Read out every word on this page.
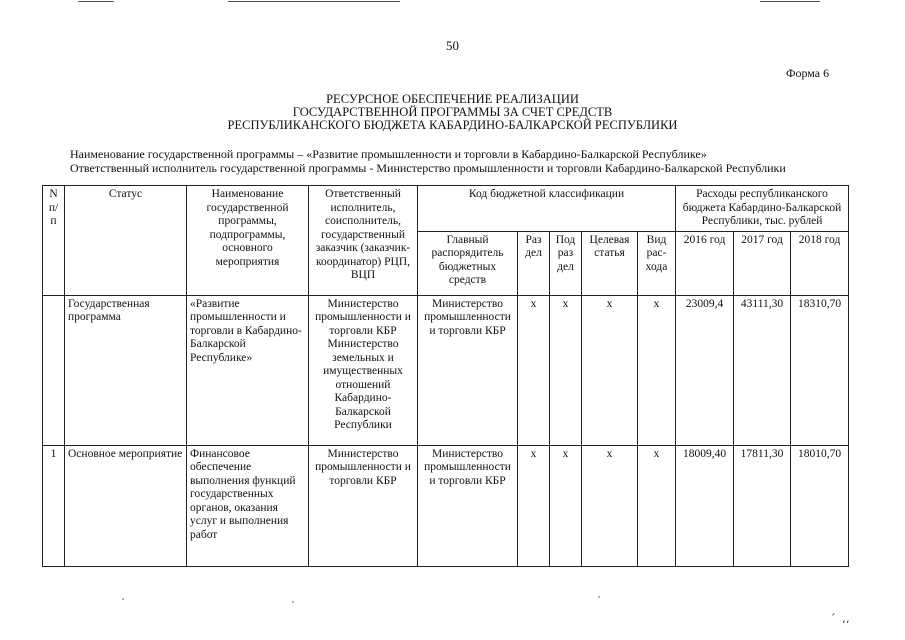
50
Форма 6
РЕСУРСНОЕ ОБЕСПЕЧЕНИЕ РЕАЛИЗАЦИИ
ГОСУДАРСТВЕННОЙ ПРОГРАММЫ ЗА СЧЕТ СРЕДСТВ
РЕСПУБЛИКАНСКОГО БЮДЖЕТА КАБАРДИНО-БАЛКАРСКОЙ РЕСПУБЛИКИ
Наименование государственной программы – «Развитие промышленности и торговли в Кабардино-Балкарской Республике»
Ответственный исполнитель государственной программы - Министерство промышленности и торговли Кабардино-Балкарской Республики
N п/п	Статус	Наименование государственной программы, подпрограммы, основного мероприятия	Ответственный исполнитель, соисполнитель, государственный заказчик (заказчик-координатор) РЦП, ВЦП	Код бюджетной классификации					Расходы республиканского бюджета Кабардино-Балкарской Республики, тыс. рублей		
				Главный распорядитель бюджетных средств	Раз дел	Под раз дел	Целевая статья	Вид рас- хода	2016 год	2017 год	2018 год
	Государственная программа	«Развитие промышленности и торговли в Кабардино-Балкарской Республике»	Министерство промышленности и торговли КБР Министерство земельных и имущественных отношений Кабардино-Балкарской Республики	Министерство промышленности и торговли КБР	х	х	х	х	23009,4	43111,30	18310,70
1	Основное мероприятие	Финансовое обеспечение выполнения функций государственных органов, оказания услуг и выполнения работ	Министерство промышленности и торговли КБР	Министерство промышленности и торговли КБР	х	х	х	х	18009,40	17811,30	18010,70
՛ ،،
